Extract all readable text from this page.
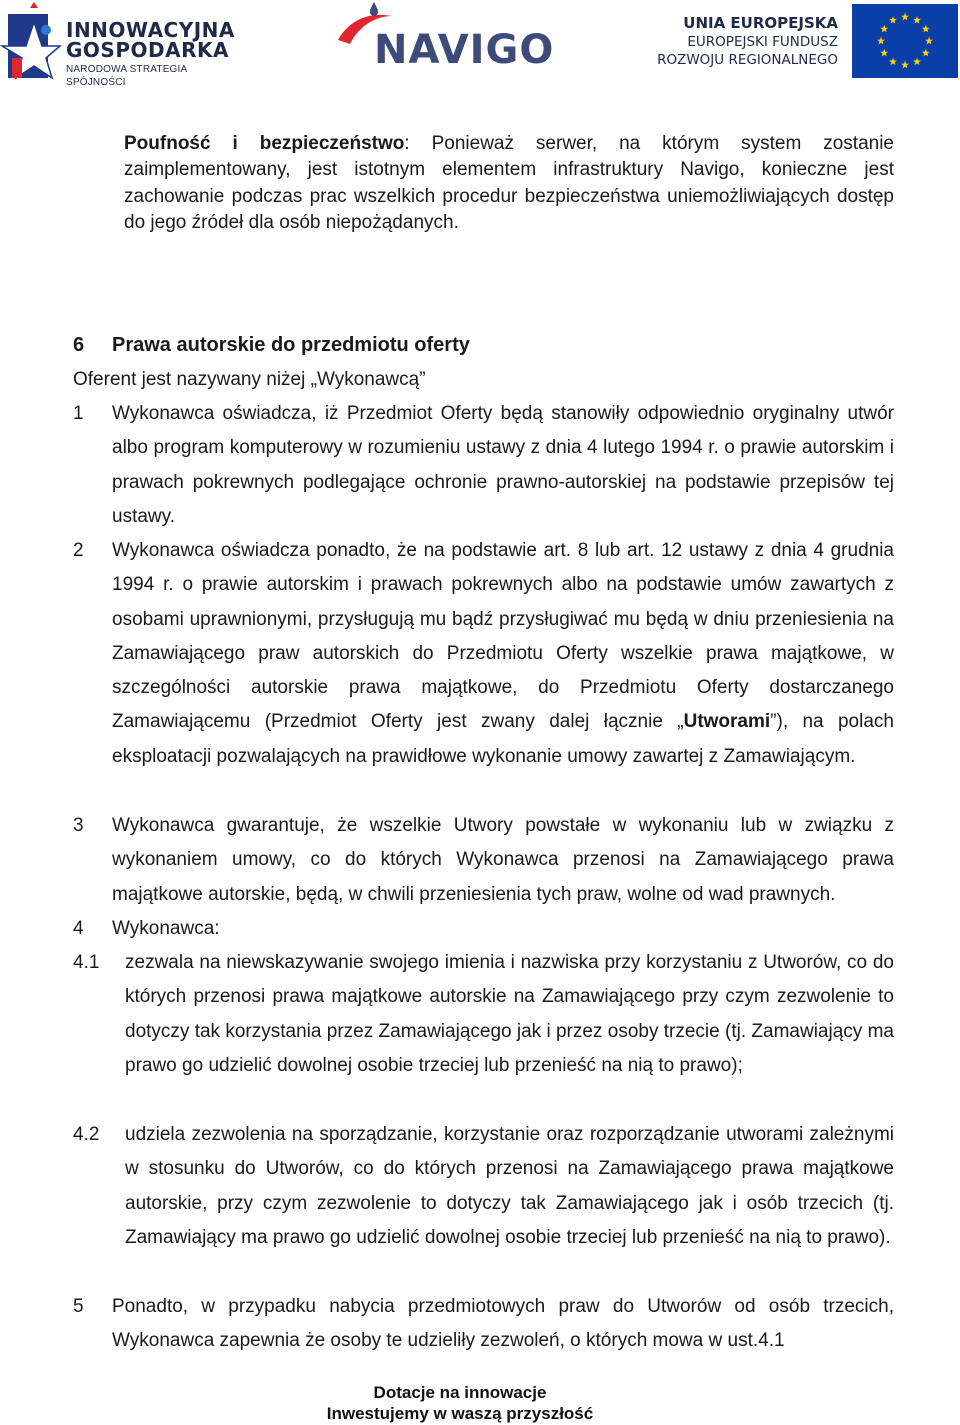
INNOWACYJNA
GOSPODARKA
NARODOWA STRATEGIA SPÓJNOŚCI
NAVIGO
UNIA EUROPEJSKA
EUROPEJSKI FUNDUSZ
ROZWOJU REGIONALNEGO
Poufność i bezpieczeństwo: Ponieważ serwer, na którym system zostanie zaimplementowany, jest istotnym elementem infrastruktury Navigo, konieczne jest zachowanie podczas prac wszelkich procedur bezpieczeństwa uniemożliwiających dostęp do jego źródeł dla osób niepożądanych.
6 Prawa autorskie do przedmiotu oferty
Oferent jest nazywany niżej „Wykonawcą”
1 Wykonawca oświadcza, iż Przedmiot Oferty będą stanowiły odpowiednio oryginalny utwór albo program komputerowy w rozumieniu ustawy z dnia 4 lutego 1994 r. o prawie autorskim i prawach pokrewnych podlegające ochronie prawno-autorskiej na podstawie przepisów tej ustawy.
2 Wykonawca oświadcza ponadto, że na podstawie art. 8 lub art. 12 ustawy z dnia 4 grudnia 1994 r. o prawie autorskim i prawach pokrewnych albo na podstawie umów zawartych z osobami uprawnionymi, przysługują mu bądź przysługiwać mu będą w dniu przeniesienia na Zamawiającego praw autorskich do Przedmiotu Oferty wszelkie prawa majątkowe, w szczególności autorskie prawa majątkowe, do Przedmiotu Oferty dostarczanego Zamawiającemu (Przedmiot Oferty jest zwany dalej łącznie „Utworami”), na polach eksploatacji pozwalających na prawidłowe wykonanie umowy zawartej z Zamawiającym.
3 Wykonawca gwarantuje, że wszelkie Utwory powstałe w wykonaniu lub w związku z wykonaniem umowy, co do których Wykonawca przenosi na Zamawiającego prawa majątkowe autorskie, będą, w chwili przeniesienia tych praw, wolne od wad prawnych.
4 Wykonawca:
4.1 zezwala na niewskazywanie swojego imienia i nazwiska przy korzystaniu z Utworów, co do których przenosi prawa majątkowe autorskie na Zamawiającego przy czym zezwolenie to dotyczy tak korzystania przez Zamawiającego jak i przez osoby trzecie (tj. Zamawiający ma prawo go udzielić dowolnej osobie trzeciej lub przenieść na nią to prawo);
4.2 udziela zezwolenia na sporządzanie, korzystanie oraz rozporządzanie utworami zależnymi w stosunku do Utworów, co do których przenosi na Zamawiającego prawa majątkowe autorskie, przy czym zezwolenie to dotyczy tak Zamawiającego jak i osób trzecich (tj. Zamawiający ma prawo go udzielić dowolnej osobie trzeciej lub przenieść na nią to prawo).
5 Ponadto, w przypadku nabycia przedmiotowych praw do Utworów od osób trzecich, Wykonawca zapewnia że osoby te udzieliły zezwoleń, o których mowa w ust.4.1
Dotacje na innowacje
Inwestujemy w waszą przyszłość
